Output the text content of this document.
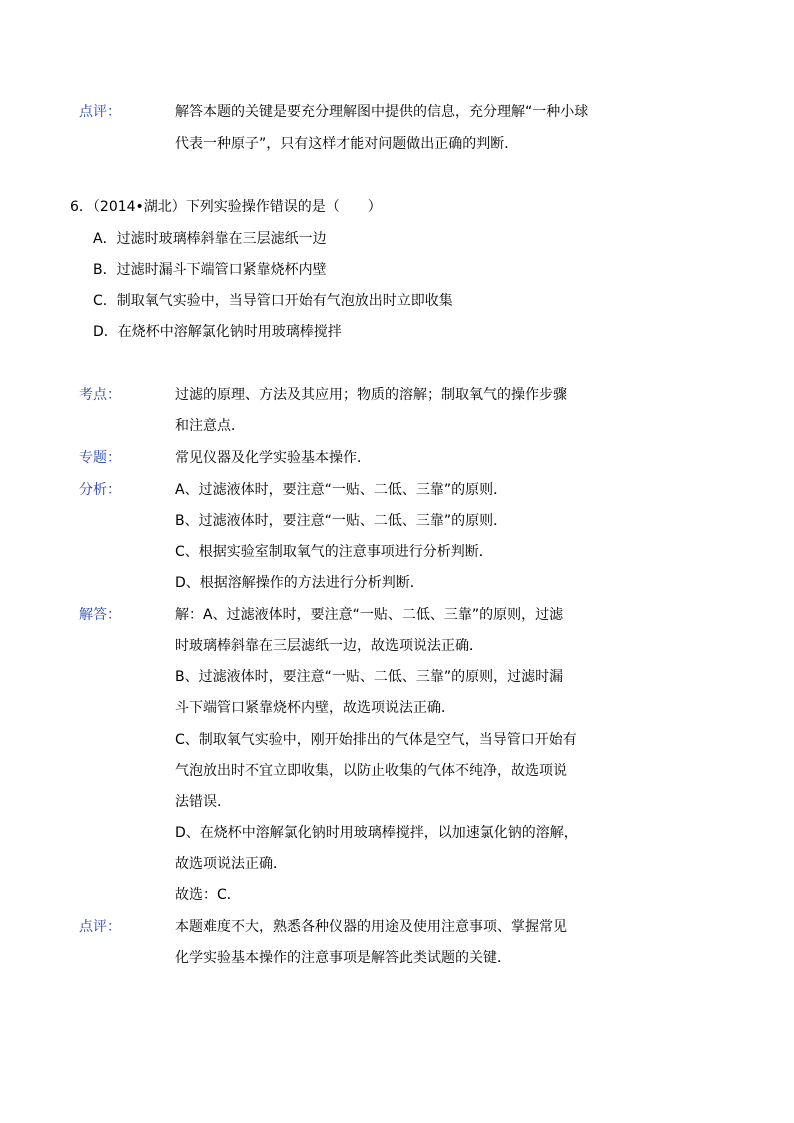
点评：	解答本题的关键是要充分理解图中提供的信息，充分理解“一种小球
代表一种原子”，只有这样才能对问题做出正确的判断．
6．（2014•湖北）下列实验操作错误的是（　　）
A．过滤时玻璃棒斜靠在三层滤纸一边
B．过滤时漏斗下端管口紧靠烧杯内壁
C．制取氧气实验中，当导管口开始有气泡放出时立即收集
D．在烧杯中溶解氯化钠时用玻璃棒搅拌
考点：	过滤的原理、方法及其应用；物质的溶解；制取氧气的操作步骤
和注意点．
专题：	常见仪器及化学实验基本操作．
分析：	A、过滤液体时，要注意“一贴、二低、三靠”的原则．
B、过滤液体时，要注意“一贴、二低、三靠”的原则．
C、根据实验室制取氧气的注意事项进行分析判断．
D、根据溶解操作的方法进行分析判断．
解答：	解：A、过滤液体时，要注意“一贴、二低、三靠”的原则，过滤
时玻璃棒斜靠在三层滤纸一边，故选项说法正确．
B、过滤液体时，要注意“一贴、二低、三靠”的原则，过滤时漏
斗下端管口紧靠烧杯内壁，故选项说法正确．
C、制取氧气实验中，刚开始排出的气体是空气，当导管口开始有
气泡放出时不宜立即收集，以防止收集的气体不纯净，故选项说
法错误．
D、在烧杯中溶解氯化钠时用玻璃棒搅拌，以加速氯化钠的溶解，
故选项说法正确．
故选：C．
点评：	本题难度不大，熟悉各种仪器的用途及使用注意事项、掌握常见
化学实验基本操作的注意事项是解答此类试题的关键．
